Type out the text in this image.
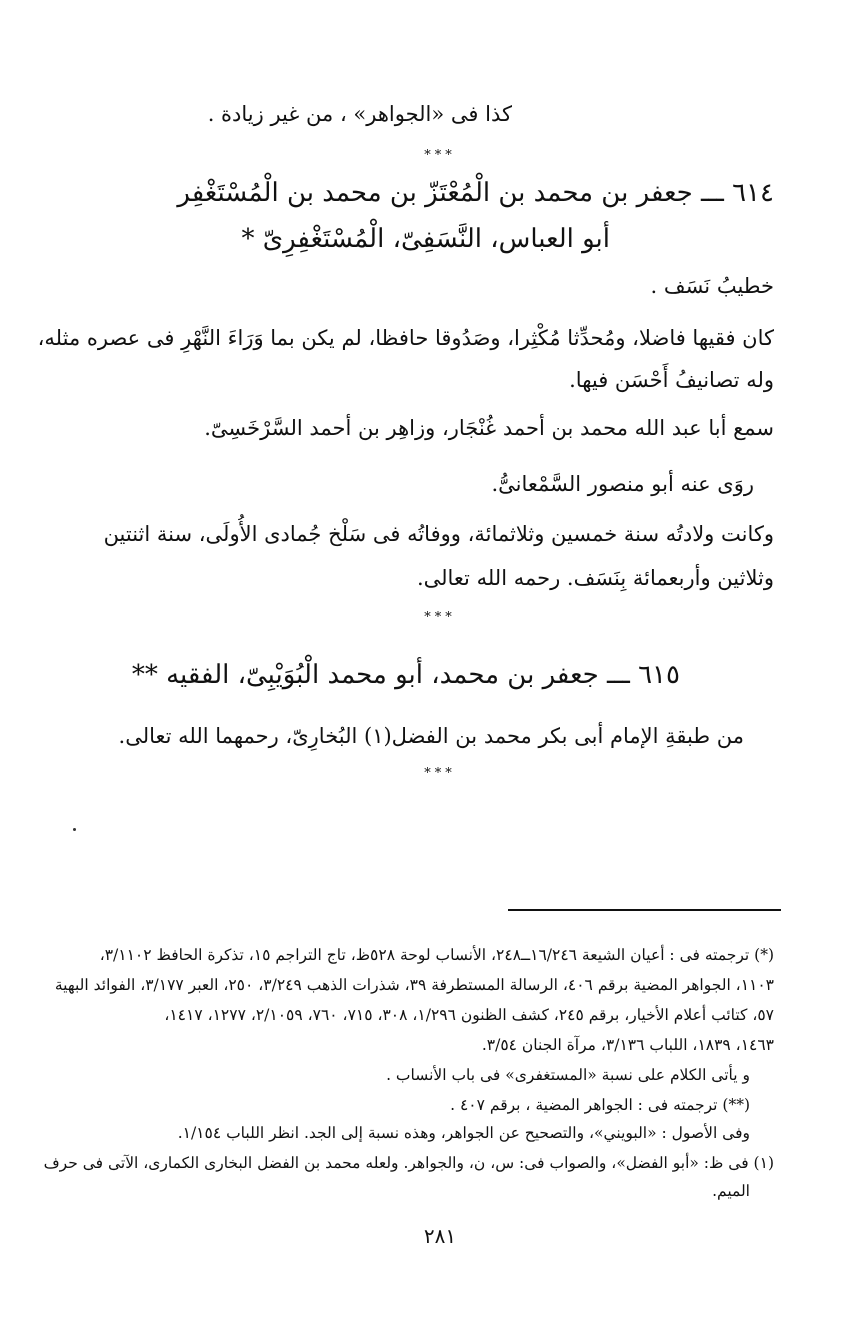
كذا فى «الجواهر» ، من غير زيادة .
***
٦١٤ ـــ جعفر بن محمد بن الْمُعْتَزّ بن محمد بن الْمُسْتَغْفِر
أبو العباس، النَّسَفِىّ، الْمُسْتَغْفِرِىّ *
خطيبُ نَسَف .
كان فقيها فاضلا، ومُحدِّثا مُكْثِرا، وصَدُوقا حافظا، لم يكن بما وَرَاءَ النَّهْرِ فى عصره مثله،
وله تصانيفُ أَحْسَن فيها.
سمع أبا عبد الله محمد بن أحمد غُنْجَار، وزاهِر بن أحمد السَّرْخَسِىّ.
روَى عنه أبو منصور السَّمْعانىُّ.
وكانت ولادتُه سنة خمسين وثلاثمائة، ووفاتُه فى سَلْخ جُمادى الأُولَى، سنة اثنتين
وثلاثين وأربعمائة بِنَسَف. رحمه الله تعالى.
***
٦١٥ ـــ جعفر بن محمد، أبو محمد الْبُوَيْبِىّ، الفقيه **
من طبقةِ الإمام أبى بكر محمد بن الفضل(١) البُخارِىّ، رحمهما الله تعالى.
***
(*) ترجمته فى : أعيان الشيعة ١٦/٢٤٦ــ٢٤٨، الأنساب لوحة ٥٢٨ظ، تاج التراجم ١٥، تذكرة الحافظ ٣/١١٠٢،
١١٠٣، الجواهر المضية برقم ٤٠٦، الرسالة المستطرفة ٣٩، شذرات الذهب ٣/٢٤٩، ٢٥٠، العبر ٣/١٧٧، الفوائد البهية
٥٧، كتائب أعلام الأخيار، برقم ٢٤٥، كشف الظنون ١/٢٩٦، ٣٠٨، ٧١٥، ٧٦٠، ٢/١٠٥٩، ١٢٧٧، ١٤١٧،
١٤٦٣، ١٨٣٩، اللباب ٣/١٣٦، مرآة الجنان ٣/٥٤.
و يأتى الكلام على نسبة «المستغفرى» فى باب الأنساب .
(**) ترجمته فى : الجواهر المضية ، برقم ٤٠٧ .
وفى الأصول : «البويني»، والتصحيح عن الجواهر، وهذه نسبة إلى الجد. انظر اللباب ١/١٥٤.
(١) فى ظ: «أبو الفضل»، والصواب فى: س، ن، والجواهر. ولعله محمد بن الفضل البخارى الكمارى، الآتى فى حرف
الميم.
٢٨١
